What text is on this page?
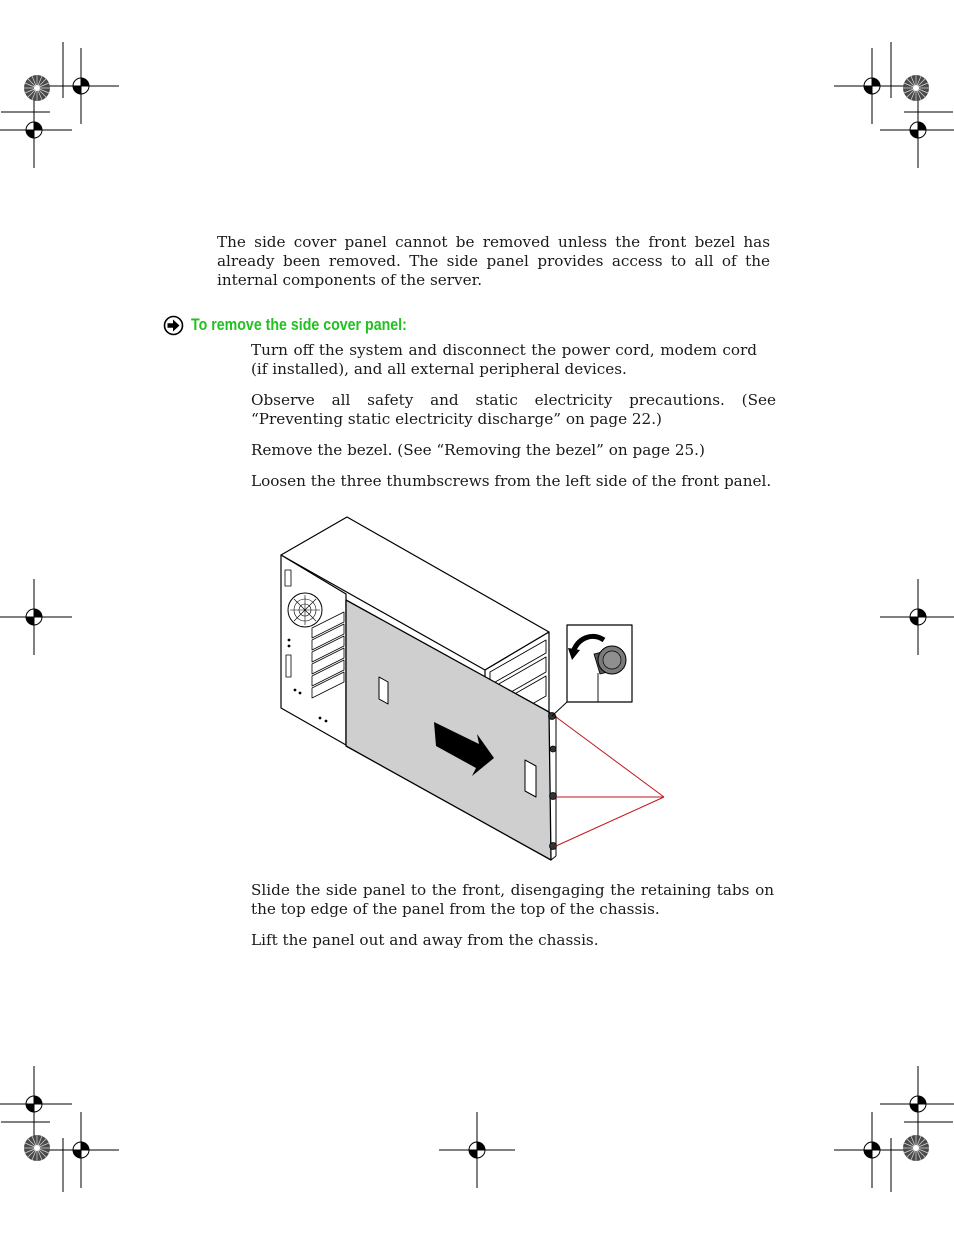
The side cover panel cannot be removed unless the front bezel has already been removed. The side panel provides access to all of the internal components of the server.
To remove the side cover panel:
Turn off the system and disconnect the power cord, modem cord (if installed), and all external peripheral devices.
Observe all safety and static electricity precautions. (See “Preventing static electricity discharge” on page 22.)
Remove the bezel. (See “Removing the bezel” on page 25.)
Loosen the three thumbscrews from the left side of the front panel.
Slide the side panel to the front, disengaging the retaining tabs on the top edge of the panel from the top of the chassis.
Lift the panel out and away from the chassis.
